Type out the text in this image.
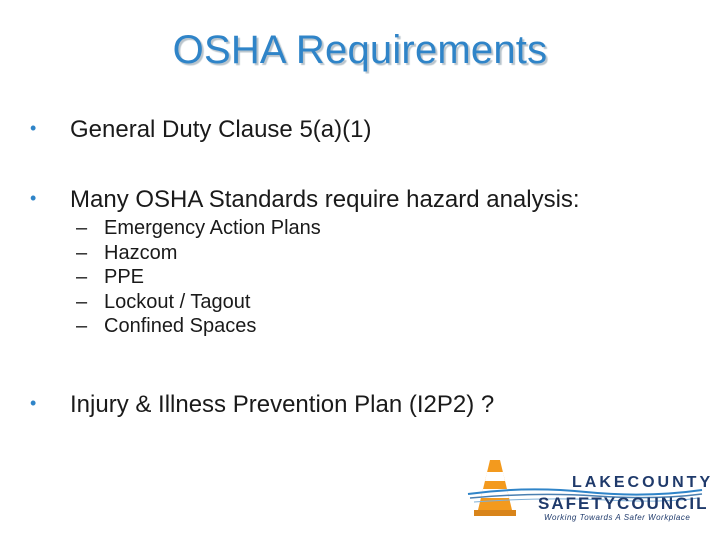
OSHA Requirements
• General Duty Clause 5(a)(1)
• Many OSHA Standards require hazard analysis:
– Emergency Action Plans
– Hazcom
– PPE
– Lockout / Tagout
– Confined Spaces
• Injury & Illness Prevention Plan (I2P2) ?
LAKECOUNTY
SAFETYCOUNCIL
Working Towards A Safer Workplace
